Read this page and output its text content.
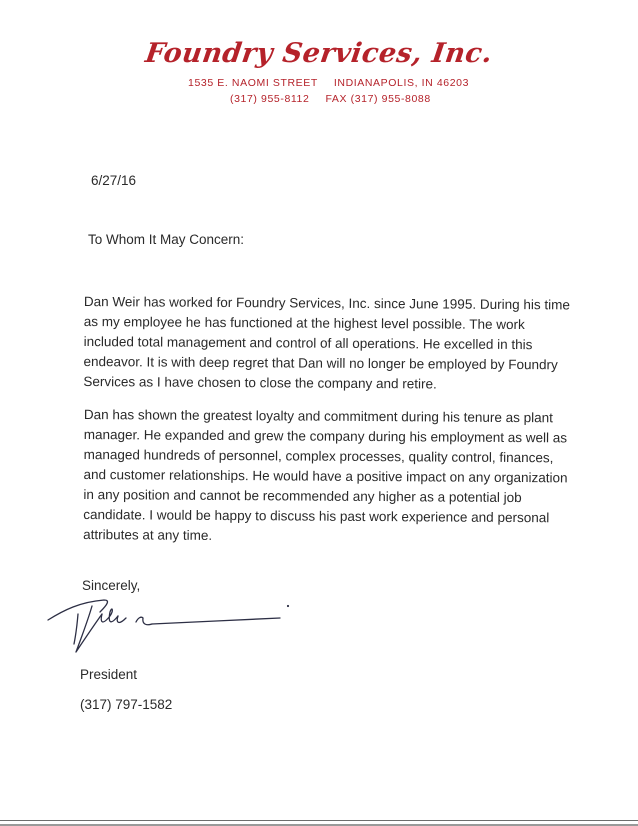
Foundry Services, Inc.
1535 E. NAOMI STREET INDIANAPOLIS, IN 46203
(317) 955-8112 FAX (317) 955-8088
6/27/16
To Whom It May Concern:
Dan Weir has worked for Foundry Services, Inc. since June 1995. During his time
as my employee he has functioned at the highest level possible. The work
included total management and control of all operations. He excelled in this
endeavor. It is with deep regret that Dan will no longer be employed by Foundry
Services as I have chosen to close the company and retire.
Dan has shown the greatest loyalty and commitment during his tenure as plant
manager. He expanded and grew the company during his employment as well as
managed hundreds of personnel, complex processes, quality control, finances,
and customer relationships. He would have a positive impact on any organization
in any position and cannot be recommended any higher as a potential job
candidate. I would be happy to discuss his past work experience and personal
attributes at any time.
Sincerely,
President
(317) 797-1582
